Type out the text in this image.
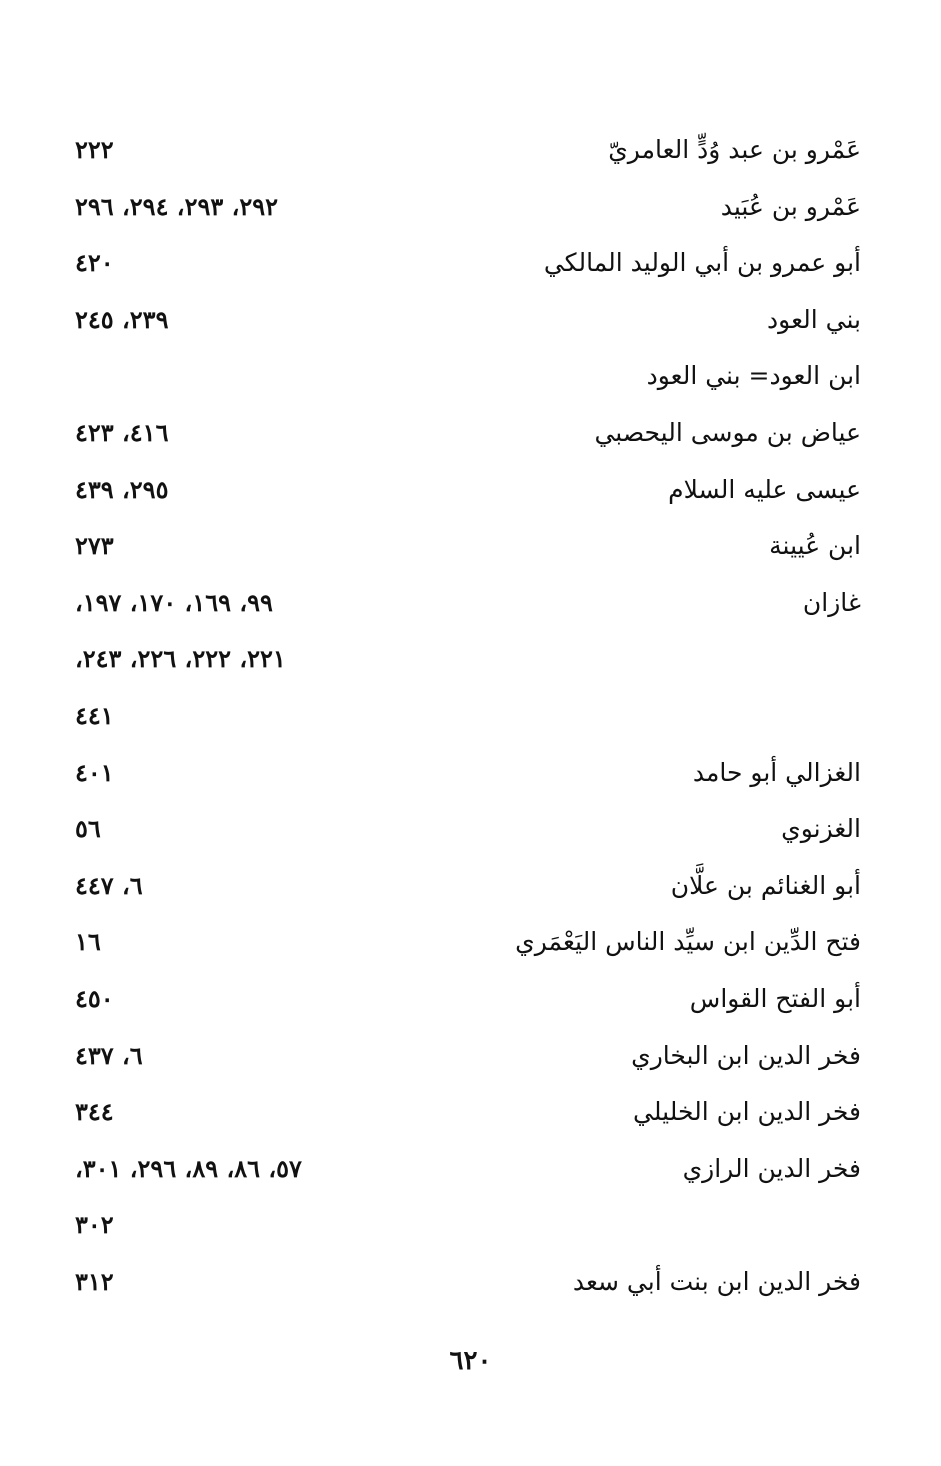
عَمْرو بن عبد وُدٍّ العامريّ
٢٢٢
عَمْرو بن عُبَيد
٢٩٢، ٢٩٣، ٢٩٤، ٢٩٦
أبو عمرو بن أبي الوليد المالكي
٤٢٠
بني العود
٢٣٩، ٢٤٥
ابن العود= بني العود
عياض بن موسى اليحصبي
٤١٦، ٤٢٣
عيسى عليه السلام
٢٩٥، ٤٣٩
ابن عُيينة
٢٧٣
غازان
٩٩، ١٦٩، ١٧٠، ١٩٧،
٢٢١، ٢٢٢، ٢٢٦، ٢٤٣،
٤٤١
الغزالي أبو حامد
٤٠١
الغزنوي
٥٦
أبو الغنائم بن علَّان
٦، ٤٤٧
فتح الدِّين ابن سيِّد الناس اليَعْمَري
١٦
أبو الفتح القواس
٤٥٠
فخر الدين ابن البخاري
٦، ٤٣٧
فخر الدين ابن الخليلي
٣٤٤
فخر الدين الرازي
٥٧، ٨٦، ٨٩، ٢٩٦، ٣٠١،
٣٠٢
فخر الدين ابن بنت أبي سعد
٣١٢
٦٢٠
